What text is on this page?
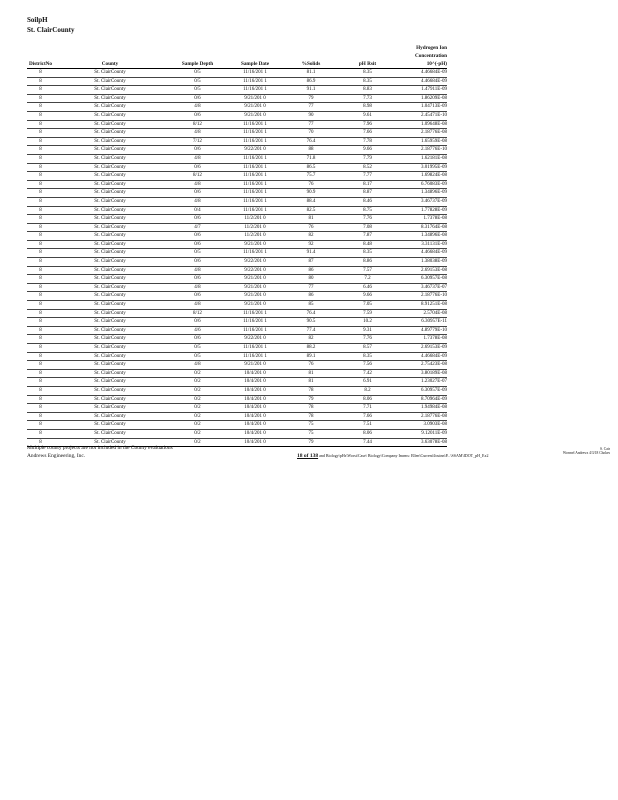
SoilpH
St. ClairCounty
DistrictNo	County	Sample Depth	Sample Date	%Solids	pH Rsit	Hydrogen Ion
Concentration
10^(-pH)

8	St. ClairCounty	0/5	11/16/201 1	81.1	8.35	4.46684E-09
8	St. ClairCounty	0/5	11/16/201 1	86.9	8.35	4.46684E-09
8	St. ClairCounty	0/5	11/16/201 1	91.1	8.83	1.47911E-09
8	St. ClairCounty	0/6	9/21/201 0	79	7.73	1.86209E-08
8	St. ClairCounty	4/8	9/21/201 0	77	8.98	1.04713E-09
8	St. ClairCounty	0/6	9/21/201 0	90	9.61	2.45471E-10
8	St. ClairCounty	8/12	11/16/201 1	77	7.96	1.09648E-08
8	St. ClairCounty	4/8	11/16/201 1	70	7.66	2.18776E-08
8	St. ClairCounty	7/12	11/16/201 1	76.4	7.78	1.65959E-08
8	St. ClairCounty	0/6	9/22/201 0	88	9.66	2.18776E-10
8	St. ClairCounty	4/8	11/16/201 1	71.8	7.79	1.62181E-08
8	St. ClairCounty	0/6	11/16/201 1	86.5	8.52	3.01995E-09
8	St. ClairCounty	8/12	11/16/201 1	75.7	7.77	1.69824E-08
8	St. ClairCounty	4/8	11/16/201 1	76	8.17	6.76083E-09
8	St. ClairCounty	0/6	11/16/201 1	90.9	8.87	1.34896E-09
8	St. ClairCounty	4/8	11/16/201 1	88.4	8.46	3.46737E-09
8	St. ClairCounty	0/4	11/16/201 1	82.5	8.75	1.77828E-09
8	St. ClairCounty	0/6	11/2/201 0	81	7.76	1.7378E-08
8	St. ClairCounty	4/7	11/2/201 0	76	7.08	8.31764E-08
8	St. ClairCounty	0/6	11/2/201 0	82	7.87	1.34896E-08
8	St. ClairCounty	0/6	9/21/201 0	92	8.48	3.31131E-09
8	St. ClairCounty	0/5	11/16/201 1	91.4	8.35	4.46684E-09
8	St. ClairCounty	0/6	9/22/201 0	87	8.86	1.38038E-09
8	St. ClairCounty	4/8	9/22/201 0	86	7.57	2.69153E-08
8	St. ClairCounty	0/6	9/21/201 0	80	7.2	6.30957E-08
8	St. ClairCounty	4/8	9/21/201 0	77	6.46	3.46737E-07
8	St. ClairCounty	0/6	9/21/201 0	86	9.66	2.18776E-10
8	St. ClairCounty	4/8	9/21/201 0	85	7.05	8.91251E-08
8	St. ClairCounty	8/12	11/16/201 1	76.4	7.59	2.5704E-08
8	St. ClairCounty	0/6	11/16/201 1	90.5	10.2	6.30957E-11
8	St. ClairCounty	4/6	11/16/201 1	77.4	9.31	4.89779E-10
8	St. ClairCounty	0/6	9/22/201 0	82	7.76	1.7378E-08
8	St. ClairCounty	0/5	11/16/201 1	88.2	8.57	2.69153E-09
8	St. ClairCounty	0/5	11/16/201 1	89.1	8.35	4.46684E-09
8	St. ClairCounty	4/8	9/21/201 0	76	7.56	2.75423E-08
8	St. ClairCounty	0/2	10/4/201 0	81	7.42	3.80189E-08
8	St. ClairCounty	0/2	10/4/201 0	81	6.91	1.23027E-07
8	St. ClairCounty	0/2	10/4/201 0	78	8.2	6.30957E-09
8	St. ClairCounty	0/2	10/4/201 0	79	8.06	8.70964E-09
8	St. ClairCounty	0/2	10/4/201 0	78	7.71	1.94984E-08
8	St. ClairCounty	0/2	10/4/201 0	78	7.66	2.18776E-08
8	St. ClairCounty	0/2	10/4/201 0	75	7.51	3.0903E-08
8	St. ClairCounty	0/2	10/4/201 0	75	8.06	9.12011E-09
8	St. ClairCounty	0/2	10/4/201 0	79	7.44	3.63078E-08
Multiple county projects are not included in the County evaluations
Andrews Engineering, Inc.	18 of 138 and Biology\pHs\Worst\Case\ Biology\Company Imrms: Ellen\Current\Jouinn\P...\SSAM\IDOT_pH_Ex2
S. Cair
Worrnel Andrews 4/3/18 Chokes
